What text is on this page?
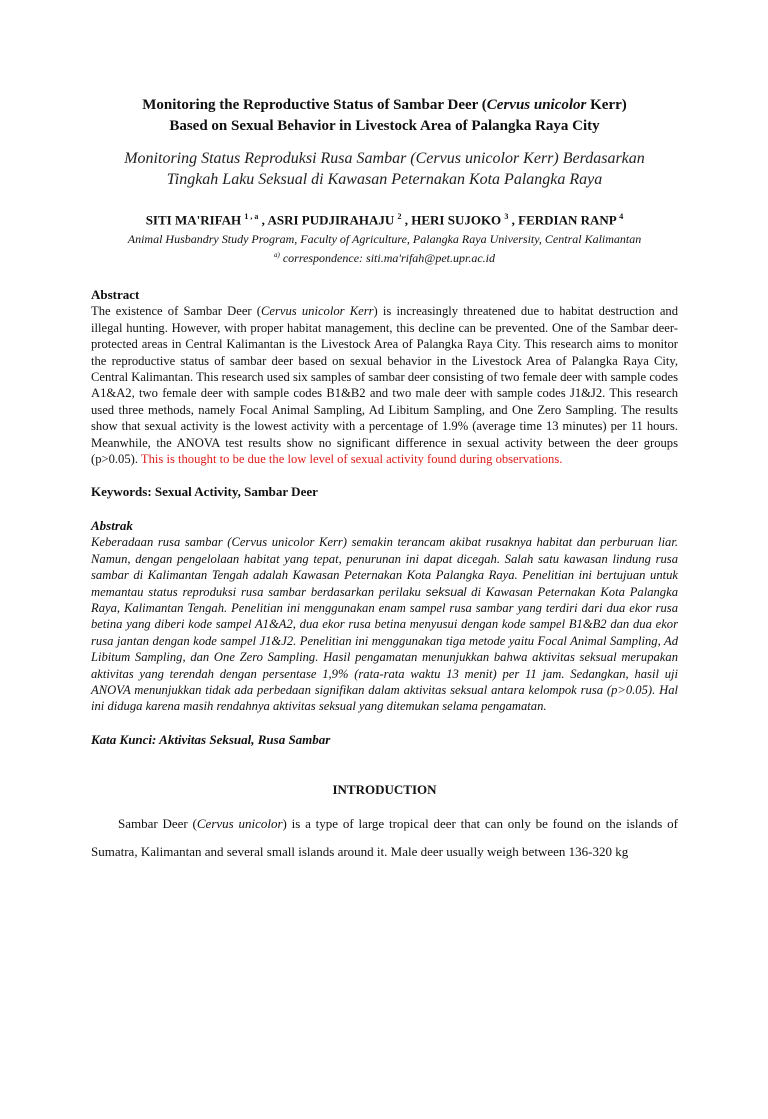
Monitoring the Reproductive Status of Sambar Deer (Cervus unicolor Kerr)
Based on Sexual Behavior in Livestock Area of Palangka Raya City
Monitoring Status Reproduksi Rusa Sambar (Cervus unicolor Kerr) Berdasarkan
Tingkah Laku Seksual di Kawasan Peternakan Kota Palangka Raya
SITI MA'RIFAH $^{1 , a}$ , ASRI PUDJIRAHAJU $^2$ , HERI SUJOKO $^3$ , FERDIAN RANP $^4$
Animal Husbandry Study Program, Faculty of Agriculture, Palangka Raya University, Central Kalimantan
$^{a)}$ correspondence: siti.ma'rifah@pet.upr.ac.id
Abstract

The existence of Sambar Deer (Cervus unicolor Kerr) is increasingly threatened due to habitat destruction and illegal hunting. However, with proper habitat management, this decline can be prevented. One of the Sambar deer-protected areas in Central Kalimantan is the Livestock Area of Palangka Raya City. This research aims to monitor the reproductive status of sambar deer based on sexual behavior in the Livestock Area of Palangka Raya City, Central Kalimantan. This research used six samples of sambar deer consisting of two female deer with sample codes A1&A2, two female deer with sample codes B1&B2 and two male deer with sample codes J1&J2. This research used three methods, namely Focal Animal Sampling, Ad Libitum Sampling, and One Zero Sampling. The results show that sexual activity is the lowest activity with a percentage of 1.9% (average time 13 minutes) per 11 hours. Meanwhile, the ANOVA test results show no significant difference in sexual activity between the deer groups (p>0.05). This is thought to be due the low level of sexual activity found during observations.

Keywords: Sexual Activity, Sambar Deer
Abstrak

Keberadaan rusa sambar (Cervus unicolor Kerr) semakin terancam akibat rusaknya habitat dan perburuan liar. Namun, dengan pengelolaan habitat yang tepat, penurunan ini dapat dicegah. Salah satu kawasan lindung rusa sambar di Kalimantan Tengah adalah Kawasan Peternakan Kota Palangka Raya. Penelitian ini bertujuan untuk memantau status reproduksi rusa sambar berdasarkan perilaku seksual di Kawasan Peternakan Kota Palangka Raya, Kalimantan Tengah. Penelitian ini menggunakan enam sampel rusa sambar yang terdiri dari dua ekor rusa betina yang diberi kode sampel A1&A2, dua ekor rusa betina menyusui dengan kode sampel B1&B2 dan dua ekor rusa jantan dengan kode sampel J1&J2. Penelitian ini menggunakan tiga metode yaitu Focal Animal Sampling, Ad Libitum Sampling, dan One Zero Sampling. Hasil pengamatan menunjukkan bahwa aktivitas seksual merupakan aktivitas yang terendah dengan persentase 1,9% (rata-rata waktu 13 menit) per 11 jam. Sedangkan, hasil uji ANOVA menunjukkan tidak ada perbedaan signifikan dalam aktivitas seksual antara kelompok rusa (p>0.05). Hal ini diduga karena masih rendahnya aktivitas seksual yang ditemukan selama pengamatan.

Kata Kunci: Aktivitas Seksual, Rusa Sambar
INTRODUCTION

Sambar Deer (Cervus unicolor) is a type of large tropical deer that can only be found on the islands of Sumatra, Kalimantan and several small islands around it. Male deer usually weigh between 136-320 kg
